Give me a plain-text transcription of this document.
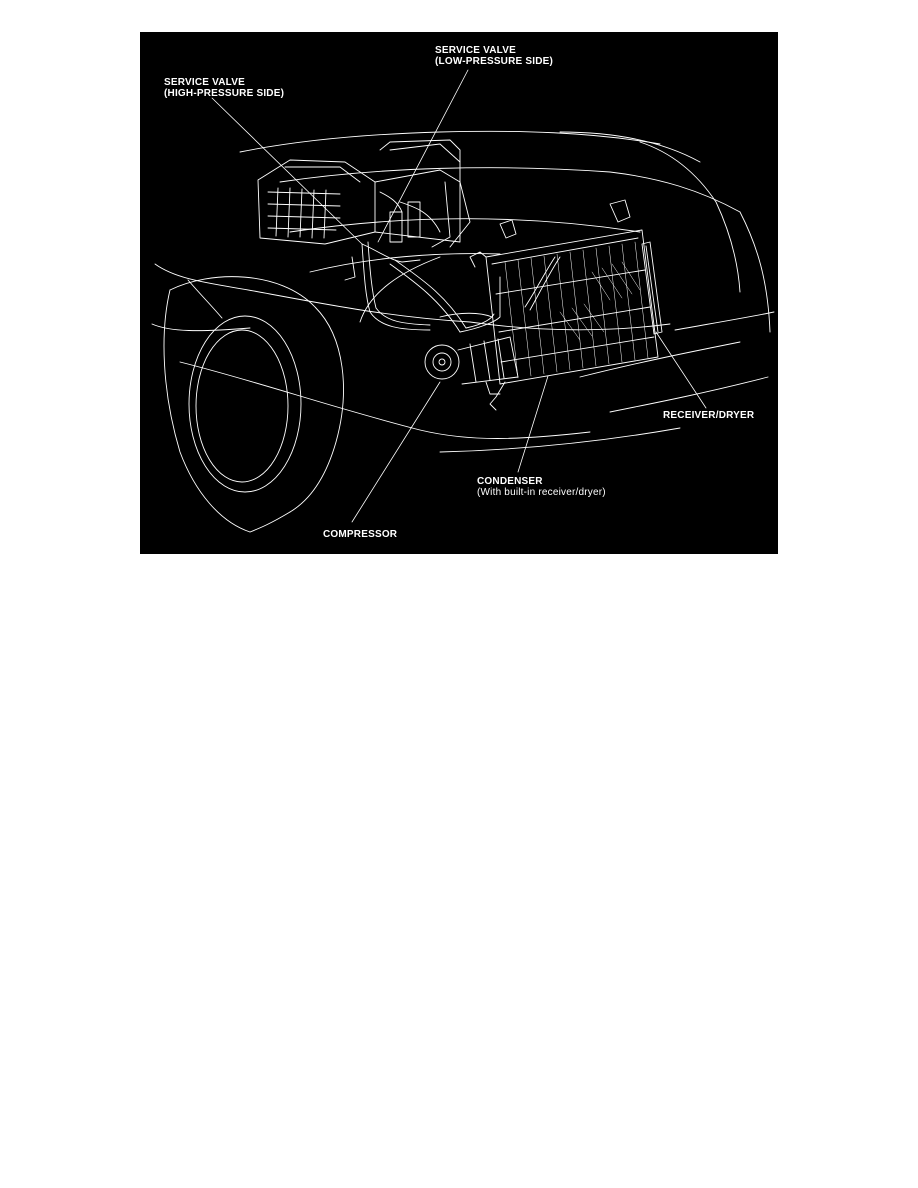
SERVICE VALVE
(HIGH-PRESSURE SIDE)
SERVICE VALVE
(LOW-PRESSURE SIDE)
RECEIVER/DRYER
CONDENSER
(With built-in receiver/dryer)
COMPRESSOR
